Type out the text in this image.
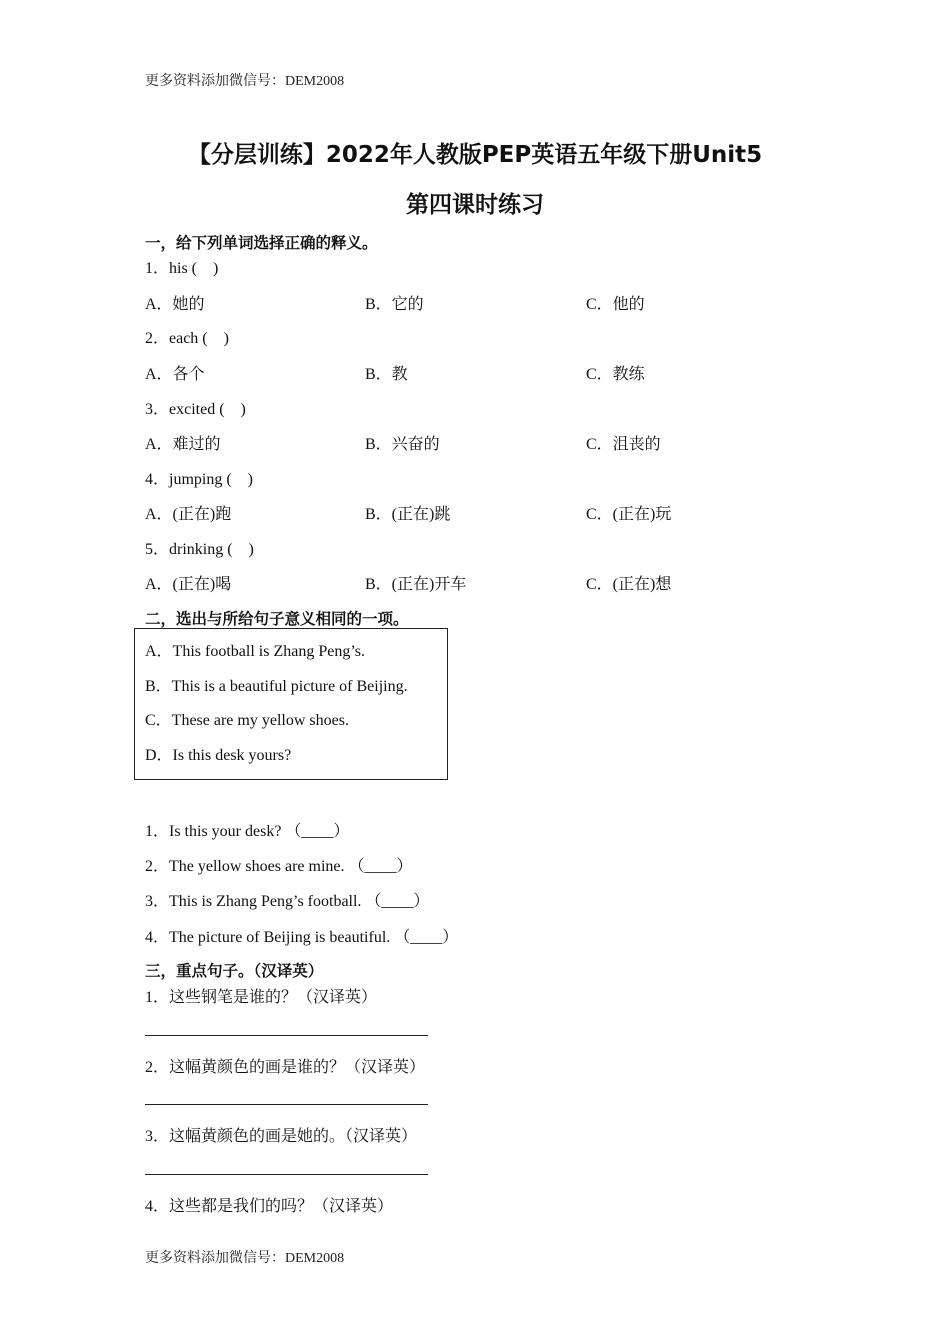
更多资料添加微信号：DEM2008
【分层训练】2022年人教版PEP英语五年级下册Unit5
第四课时练习
一，给下列单词选择正确的释义。
1．his (　)
A．她的	B．它的	C．他的
2．each (　)
A．各个	B．教	C．教练
3．excited (　)
A．难过的	B．兴奋的	C．沮丧的
4．jumping (　)
A．(正在)跑	B．(正在)跳	C．(正在)玩
5．drinking (　)
A．(正在)喝	B．(正在)开车	C．(正在)想
二，选出与所给句子意义相同的一项。
A．This football is Zhang Peng’s.
B．This is a beautiful picture of Beijing.
C．These are my yellow shoes.
D．Is this desk yours?
1．Is this your desk? （____）
2．The yellow shoes are mine. （____）
3．This is Zhang Peng’s football. （____）
4．The picture of Beijing is beautiful. （____）
三，重点句子。（汉译英）
1．这些钢笔是谁的？（汉译英）
2．这幅黄颜色的画是谁的？（汉译英）
3．这幅黄颜色的画是她的。（汉译英）
4．这些都是我们的吗？（汉译英）
更多资料添加微信号：DEM2008
